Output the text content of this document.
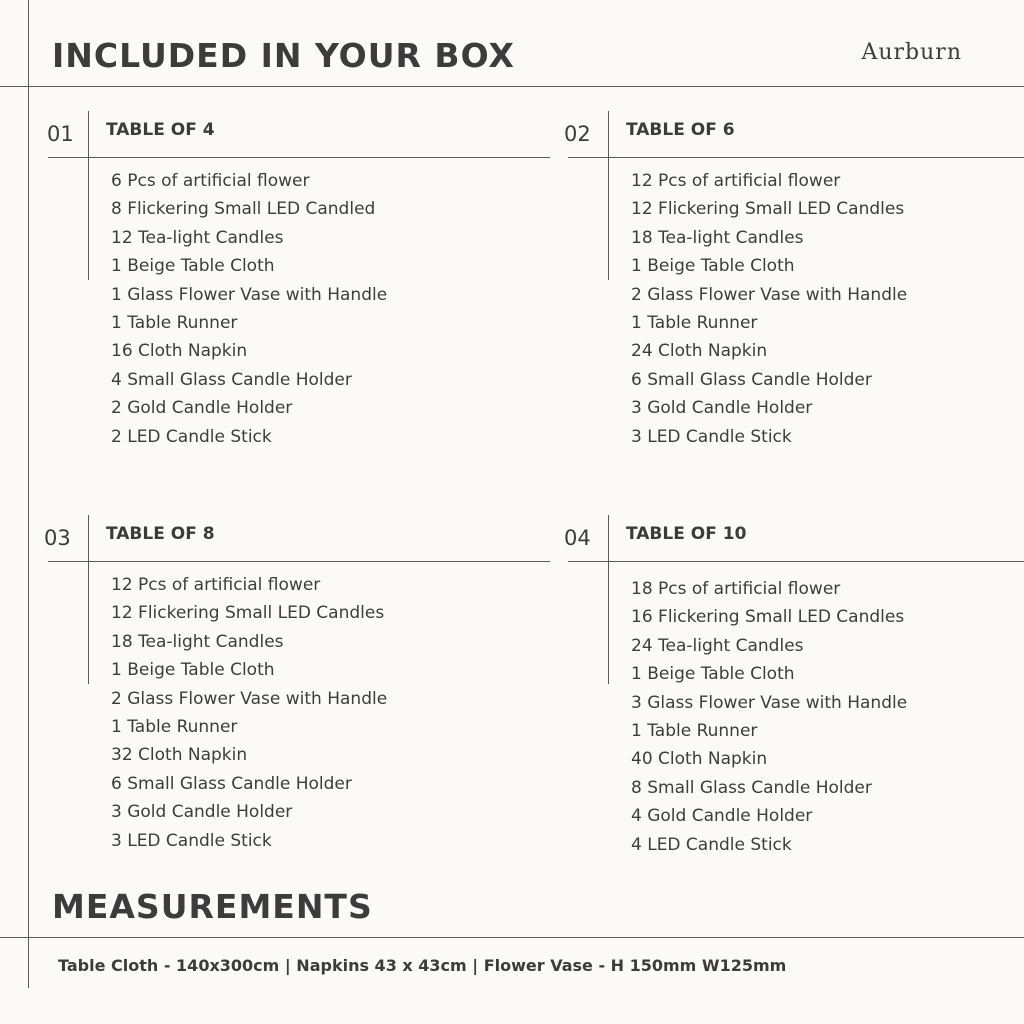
INCLUDED IN YOUR BOX	Aurburn
01 TABLE OF 4
6 Pcs of artificial flower
8 Flickering Small LED Candled
12 Tea-light Candles
1 Beige Table Cloth
1 Glass Flower Vase with Handle
1 Table Runner
16 Cloth Napkin
4 Small Glass Candle Holder
2 Gold Candle Holder
2 LED Candle Stick
02 TABLE OF 6
12 Pcs of artificial flower
12 Flickering Small LED Candles
18 Tea-light Candles
1 Beige Table Cloth
2 Glass Flower Vase with Handle
1 Table Runner
24 Cloth Napkin
6 Small Glass Candle Holder
3 Gold Candle Holder
3 LED Candle Stick
03 TABLE OF 8
12 Pcs of artificial flower
12 Flickering Small LED Candles
18 Tea-light Candles
1 Beige Table Cloth
2 Glass Flower Vase with Handle
1 Table Runner
32 Cloth Napkin
6 Small Glass Candle Holder
3 Gold Candle Holder
3 LED Candle Stick
04 TABLE OF 10
18 Pcs of artificial flower
16 Flickering Small LED Candles
24 Tea-light Candles
1 Beige Table Cloth
3 Glass Flower Vase with Handle
1 Table Runner
40 Cloth Napkin
8 Small Glass Candle Holder
4 Gold Candle Holder
4 LED Candle Stick
MEASUREMENTS
Table Cloth - 140x300cm | Napkins 43 x 43cm | Flower Vase - H 150mm W125mm
